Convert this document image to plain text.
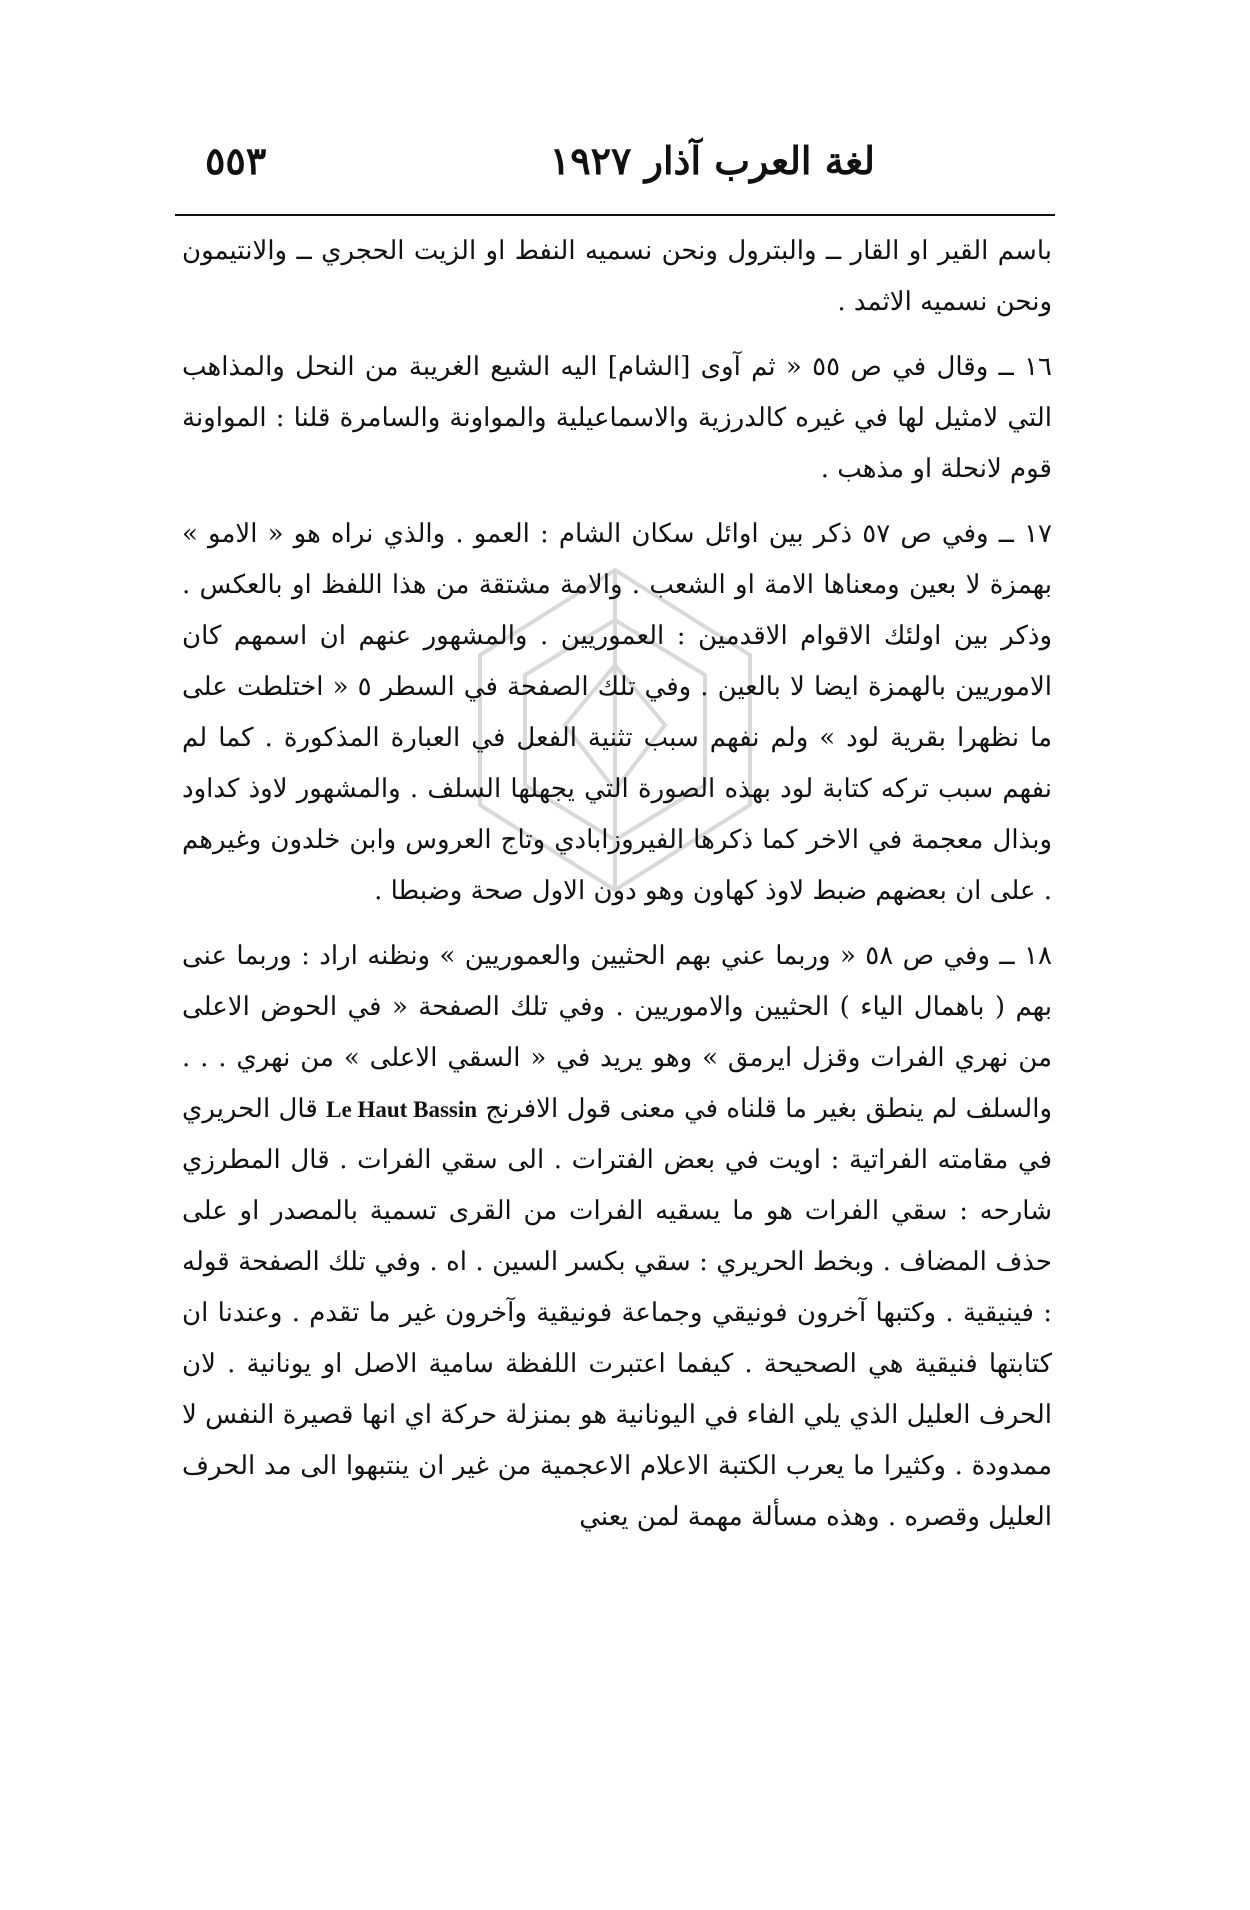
لغة العرب آذار ١٩٢٧
٥٥٣

باسم القير او القار ــ والبترول ونحن نسميه النفط او الزيت الحجري ــ والانتيمون ونحن نسميه الاثمد .

١٦ ــ وقال في ص ٥٥ « ثم آوى [الشام] اليه الشيع الغريبة من النحل والمذاهب التي لامثيل لها في غيره كالدرزية والاسماعيلية والمواونة والسامرة قلنا : المواونة قوم لانحلة او مذهب .

١٧ ــ وفي ص ٥٧ ذكر بين اوائل سكان الشام : العمو . والذي نراه هو « الامو » بهمزة لا بعين ومعناها الامة او الشعب . والامة مشتقة من هذا اللفظ او بالعكس . وذكر بين اولئك الاقوام الاقدمين : العموريين . والمشهور عنهم ان اسمهم كان الاموريين بالهمزة ايضا لا بالعين . وفي تلك الصفحة في السطر ٥ « اختلطت على ما نظهرا بقرية لود » ولم نفهم سبب تثنية الفعل في العبارة المذكورة . كما لم نفهم سبب تركه كتابة لود بهذه الصورة التي يجهلها السلف . والمشهور لاوذ كداود وبذال معجمة في الاخر كما ذكرها الفيروزابادي وتاج العروس وابن خلدون وغيرهم . على ان بعضهم ضبط لاوذ كهاون وهو دون الاول صحة وضبطا .

١٨ ــ وفي ص ٥٨ « وربما عني بهم الحثيين والعموريين » ونظنه اراد : وربما عنى بهم ( باهمال الياء ) الحثيين والاموريين . وفي تلك الصفحة « في الحوض الاعلى من نهري الفرات وقزل ايرمق » وهو يريد في « السقي الاعلى » من نهري . . . والسلف لم ينطق بغير ما قلناه في معنى قول الافرنج Le Haut Bassin قال الحريري في مقامته الفراتية : اويت في بعض الفترات . الى سقي الفرات . قال المطرزي شارحه : سقي الفرات هو ما يسقيه الفرات من القرى تسمية بالمصدر او على حذف المضاف . وبخط الحريري : سقي بكسر السين . اه . وفي تلك الصفحة قوله : فينيقية . وكتبها آخرون فونيقي وجماعة فونيقية وآخرون غير ما تقدم . وعندنا ان كتابتها فنيقية هي الصحيحة . كيفما اعتبرت اللفظة سامية الاصل او يونانية . لان الحرف العليل الذي يلي الفاء في اليونانية هو بمنزلة حركة اي انها قصيرة النفس لا ممدودة . وكثيرا ما يعرب الكتبة الاعلام الاعجمية من غير ان ينتبهوا الى مد الحرف العليل وقصره . وهذه مسألة مهمة لمن يعني
